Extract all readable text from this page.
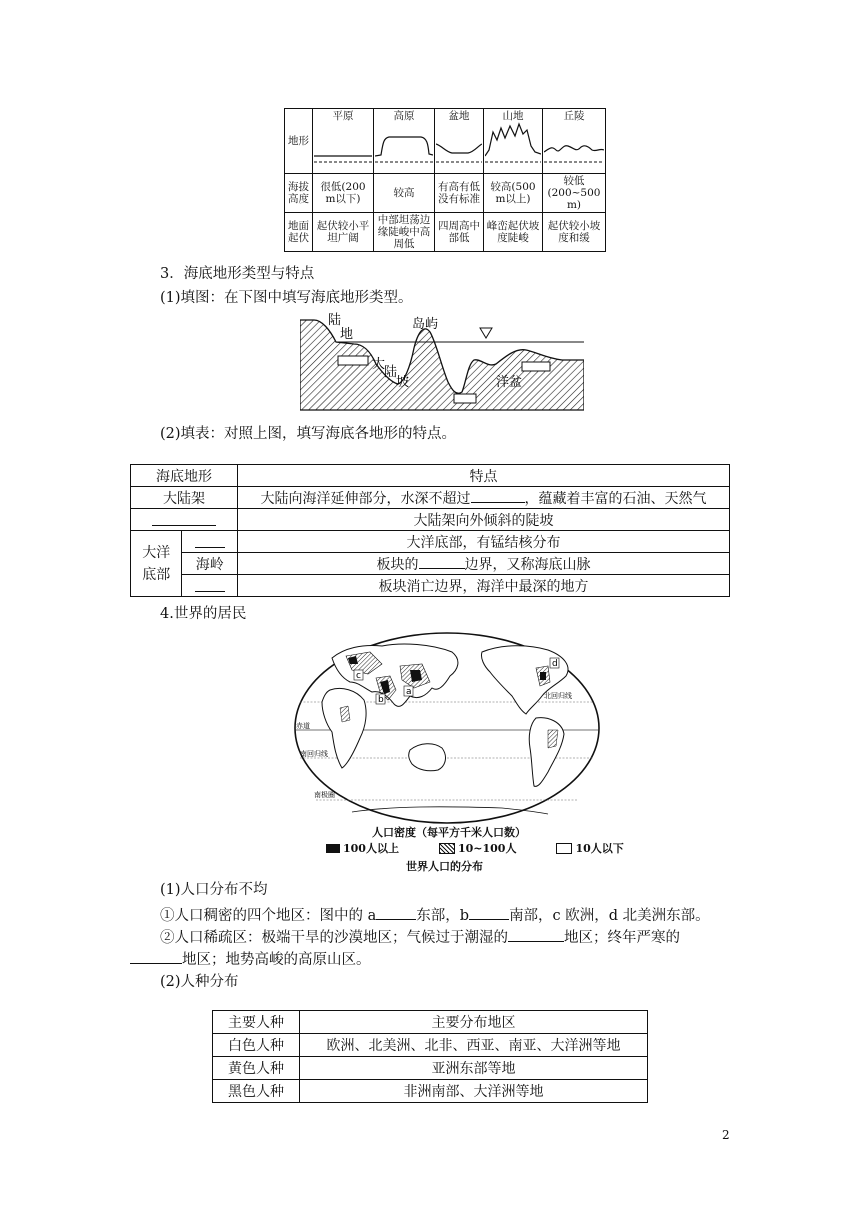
地形	平原	高原	盆地	山地	丘陵

海拔高度	很低(200 m以下)	较高	有高有低没有标准	较高(500 m以上)	较低(200~500 m)
地面起伏	起伏较小平坦广阔	中部坦荡边缘陡峻中高周低	四周高中部低	峰峦起伏坡度陡峻	起伏较小坡度和缓
3．海底地形类型与特点
(1)填图：在下图中填写海底地形类型。
陆
地
岛屿
大
陆
坡	洋盆
(2)填表：对照上图，填写海底各地形的特点。
海底地形		特点
大陆架		大陆向海洋延伸部分，水深不超过 ，蕴藏着丰富的石油、天然气
		大陆架向外倾斜的陡坡

大洋
底部		大洋底部，有锰结核分布
	海岭	板块的 边界，又称海底山脉
		板块消亡边界，海洋中最深的地方
4.世界的居民
北回归线
赤道
南回归线
南极圈
a
b
c
d
人口密度（每平方千米人口数）
100人以上	10~100人	10人以下
世界人口的分布
(1)人口分布不均
①人口稠密的四个地区：图中的 a	东部，b	南部，c 欧洲，d 北美洲东部。
②人口稀疏区：极端干旱的沙漠地区；气候过于潮湿的	地区；终年严寒的
地区；地势高峻的高原山区。
(2)人种分布
主要人种	主要分布地区
白色人种	欧洲、北美洲、北非、西亚、南亚、大洋洲等地
黄色人种	亚洲东部等地
黑色人种	非洲南部、大洋洲等地
2
